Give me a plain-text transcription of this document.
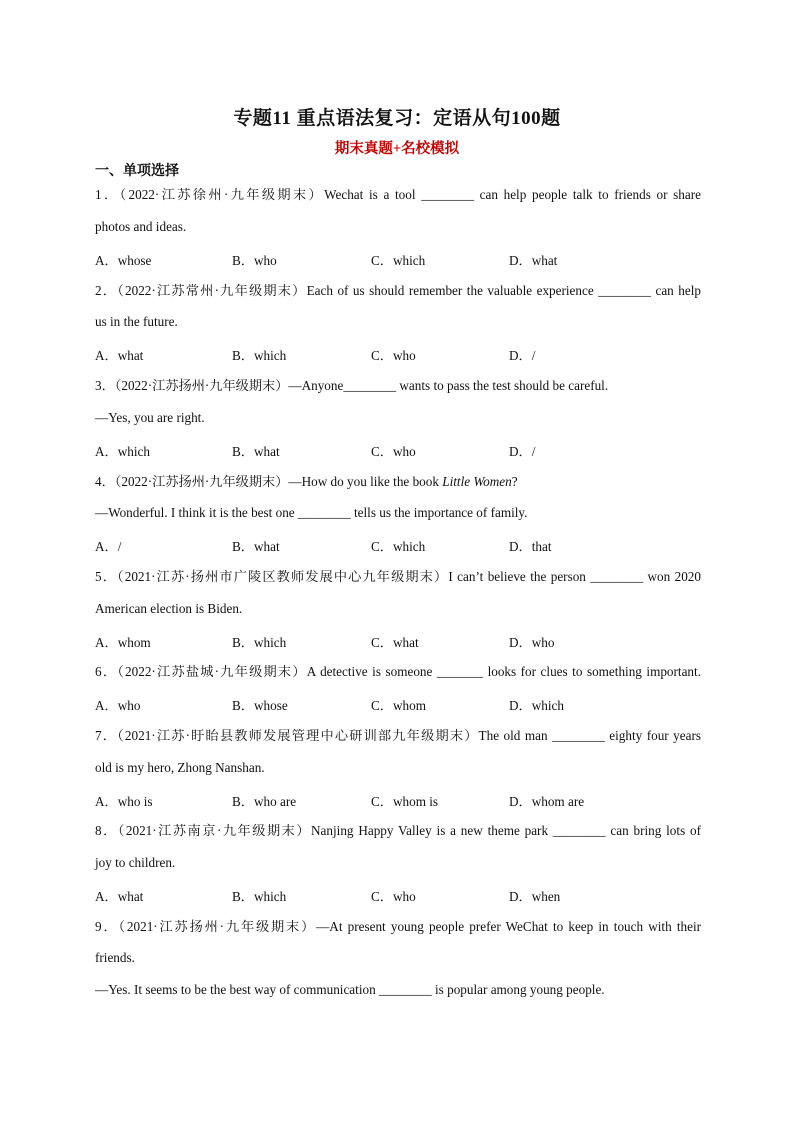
专题11 重点语法复习：定语从句100题
期末真题+名校模拟
一、单项选择
1．（2022·江苏徐州·九年级期末）Wechat is a tool ________ can help people talk to friends or share
photos and ideas.
A．whose	B．who	C．which	D．what
2．（2022·江苏常州·九年级期末）Each of us should remember the valuable experience ________ can help
us in the future.
A．what	B．which	C．who	D．/
3．（2022·江苏扬州·九年级期末）—Anyone________ wants to pass the test should be careful.
—Yes, you are right.
A．which	B．what	C．who	D．/
4．（2022·江苏扬州·九年级期末）—How do you like the book Little Women?
—Wonderful. I think it is the best one ________ tells us the importance of family.
A．/	B．what	C．which	D．that
5．（2021·江苏·扬州市广陵区教师发展中心九年级期末）I can’t believe the person ________ won 2020
American election is Biden.
A．whom	B．which	C．what	D．who
6．（2022·江苏盐城·九年级期末）A detective is someone _______ looks for clues to something important.
A．who	B．whose	C．whom	D．which
7．（2021·江苏·盱眙县教师发展管理中心研训部九年级期末）The old man ________ eighty four years
old is my hero, Zhong Nanshan.
A．who is	B．who are	C．whom is	D．whom are
8．（2021·江苏南京·九年级期末）Nanjing Happy Valley is a new theme park ________ can bring lots of
joy to children.
A．what	B．which	C．who	D．when
9．（2021·江苏扬州·九年级期末）—At present young people prefer WeChat to keep in touch with their
friends.
—Yes. It seems to be the best way of communication ________ is popular among young people.
